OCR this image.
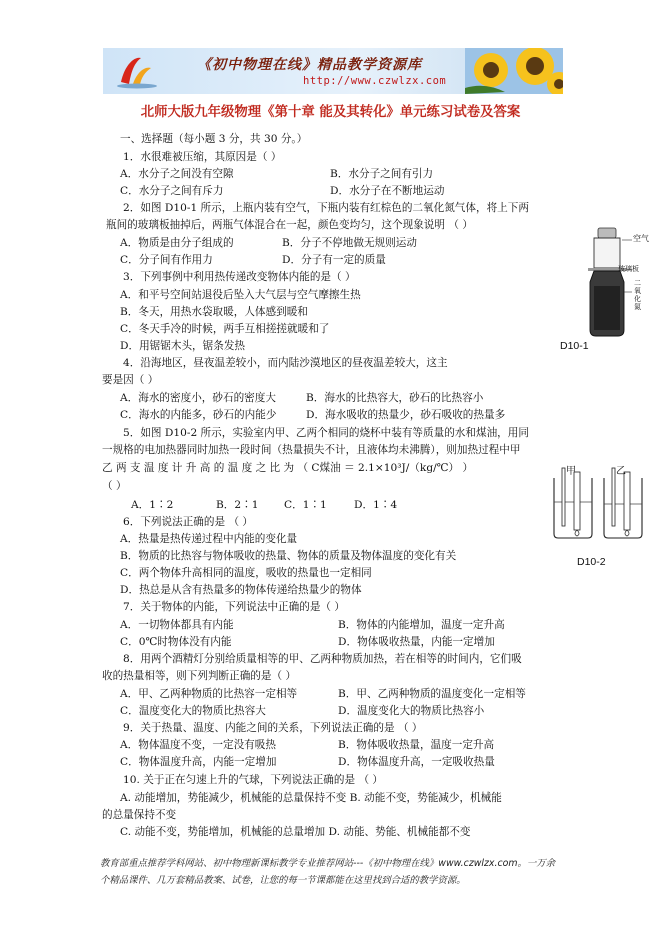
《初中物理在线》精品教学资源库
http://www.czwlzx.com
北师大版九年级物理《第十章 能及其转化》单元练习试卷及答案
一、选择题（每小题 3 分，共 30 分。）
1．水很难被压缩，其原因是（ ）
A．水分子之间没有空隙	B．水分子之间有引力
C．水分子之间有斥力	D．水分子在不断地运动
2．如图 D10-1 所示，上瓶内装有空气，下瓶内装有红棕色的二氧化氮气体，将上下两
瓶间的玻璃板抽掉后，两瓶气体混合在一起，颜色变均匀，这个现象说明 （ ）
A．物质是由分子组成的	B．分子不停地做无规则运动
C．分子间有作用力	D．分子有一定的质量
3．下列事例中利用热传递改变物体内能的是（ ）
A．和平号空间站退役后坠入大气层与空气摩擦生热
B．冬天，用热水袋取暖，人体感到暖和
C．冬天手冷的时候，两手互相搓搓就暖和了
D．用锯锯木头，锯条发热
4．沿海地区，昼夜温差较小，而内陆沙漠地区的昼夜温差较大，这主
要是因（ ）
A．海水的密度小，砂石的密度大	B．海水的比热容大，砂石的比热容小
C．海水的内能多，砂石的内能少	D．海水吸收的热量少，砂石吸收的热量多
5．如图 D10-2 所示，实验室内甲、乙两个相同的烧杯中装有等质量的水和煤油，用同
一规格的电加热器同时加热一段时间（热量损失不计，且液体均未沸腾），则加热过程中甲
乙 两 支 温 度 计 升 高 的 温 度 之 比 为 （ C煤油 ＝ 2.1×10³J/（kg/℃） ）
（ ）
A．1∶2	B．2∶1 C．1∶1	D．1∶4
6．下列说法正确的是 （ ）
A．热量是热传递过程中内能的变化量
B．物质的比热容与物体吸收的热量、物体的质量及物体温度的变化有关
C．两个物体升高相同的温度，吸收的热量也一定相同
D．热总是从含有热量多的物体传递给热量少的物体
7．关于物体的内能，下列说法中正确的是（ ）
A．一切物体都具有内能	B．物体的内能增加，温度一定升高
C．0℃时物体没有内能	D．物体吸收热量，内能一定增加
8．用两个酒精灯分别给质量相等的甲、乙两种物质加热，若在相等的时间内，它们吸
收的热量相等，则下列判断正确的是（ ）
A．甲、乙两种物质的比热容一定相等	B．甲、乙两种物质的温度变化一定相等
C．温度变化大的物质比热容大	D．温度变化大的物质比热容小
9．关于热量、温度、内能之间的关系，下列说法正确的是 （ ）
A．物体温度不变，一定没有吸热	B．物体吸收热量，温度一定升高
C．物体温度升高，内能一定增加	D．物体温度升高，一定吸收热量
10. 关于正在匀速上升的气球，下列说法正确的是 （ ）
A. 动能增加，势能减少，机械能的总量保持不变 B. 动能不变，势能减少，机械能
的总量保持不变
C. 动能不变，势能增加，机械能的总量增加 D. 动能、势能、机械能都不变
空气
玻璃板
二氧化氮
D10-1
甲	乙
D10-2
教育部重点推荐学科网站、初中物理新课标教学专业推荐网站---《初中物理在线》www.czwlzx.com。一万余
个精品课件、几万套精品教案、试卷，让您的每一节课都能在这里找到合适的教学资源。
